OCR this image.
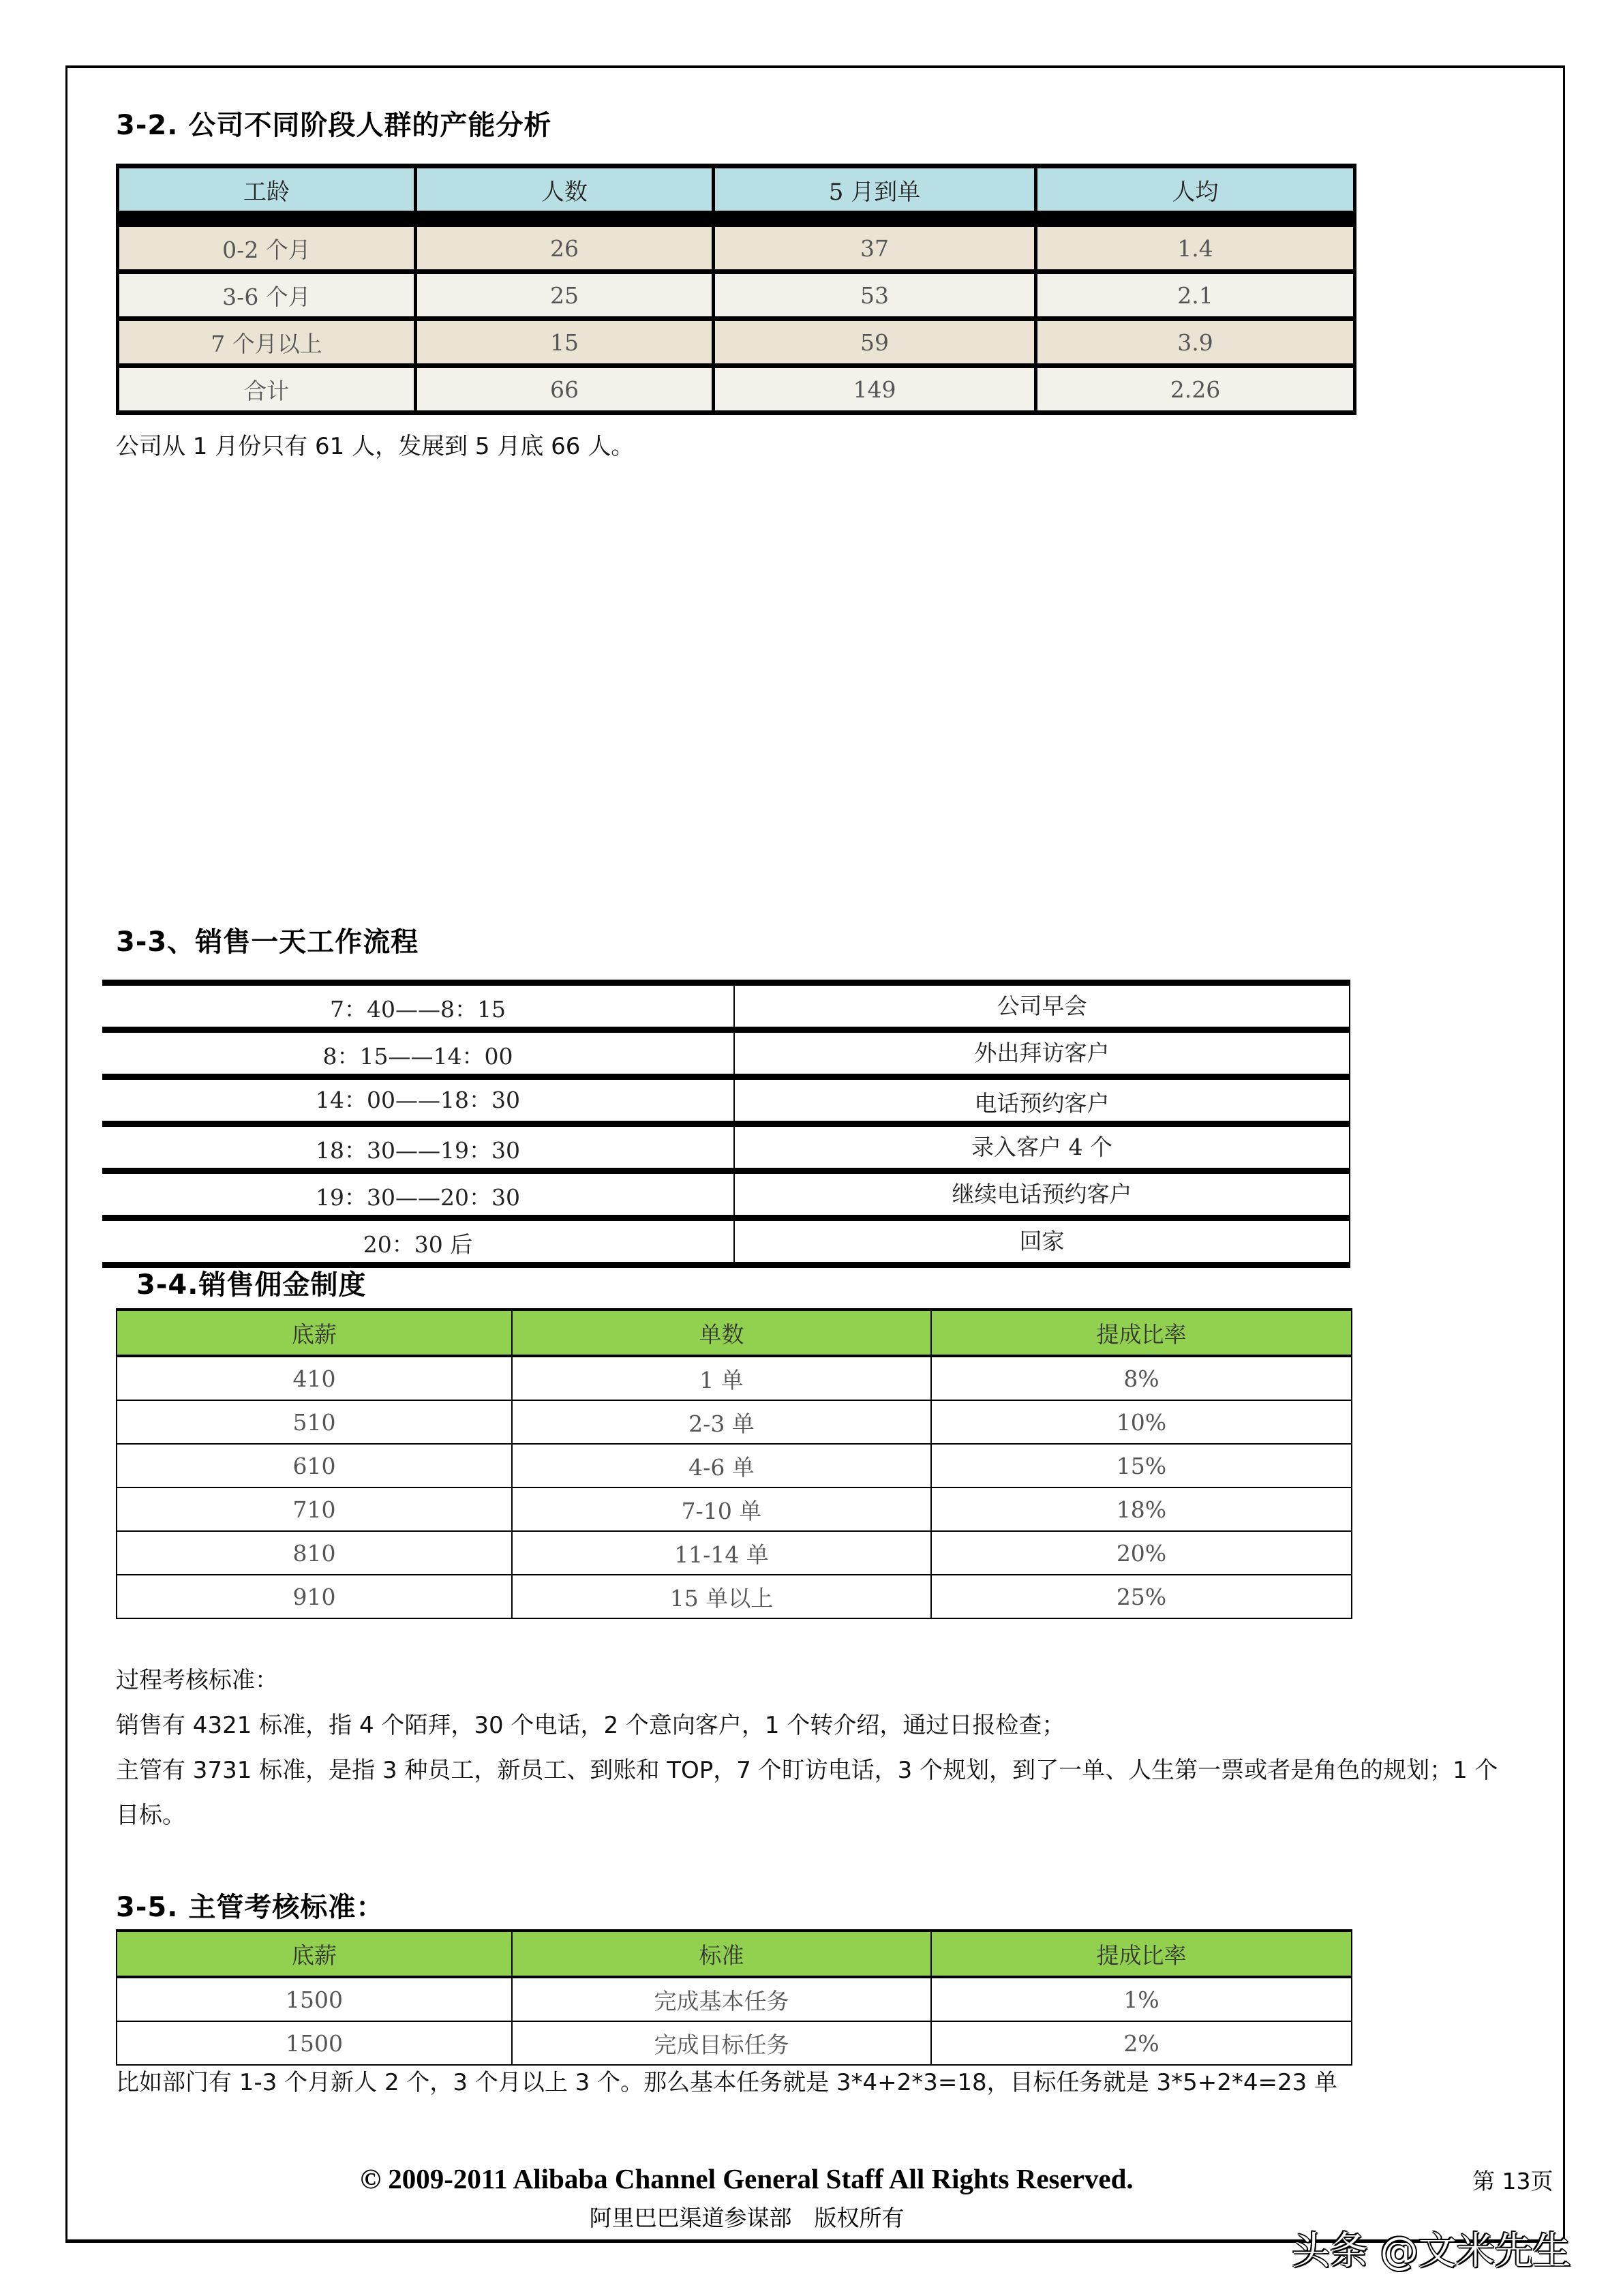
3-2. 公司不同阶段人群的产能分析
工龄	人数	5 月到单	人均

0-2 个月	26	37	1.4
3-6 个月	25	53	2.1
7 个月以上	15	59	3.9
合计	66	149	2.26
公司从 1 月份只有 61 人，发展到 5 月底 66 人。
3-3、销售一天工作流程
7：40——8：15	公司早会
8：15——14：00	外出拜访客户
14：00——18：30	电话预约客户
18：30——19：30	录入客户 4 个
19：30——20：30	继续电话预约客户
20：30 后	回家
3-4.销售佣金制度
底薪	单数	提成比率
410	1 单	8%
510	2-3 单	10%
610	4-6 单	15%
710	7-10 单	18%
810	11-14 单	20%
910	15 单以上	25%
过程考核标准：
销售有 4321 标准，指 4 个陌拜，30 个电话，2 个意向客户，1 个转介绍，通过日报检查；
主管有 3731 标准，是指 3 种员工，新员工、到账和 TOP，7 个盯访电话，3 个规划，到了一单、人生第一票或者是角色的规划；1 个
目标。
3-5. 主管考核标准：
底薪	标准	提成比率
1500	完成基本任务	1%
1500	完成目标任务	2%
比如部门有 1-3 个月新人 2 个，3 个月以上 3 个。那么基本任务就是 3*4+2*3=18，目标任务就是 3*5+2*4=23 单
© 2009-2011 Alibaba Channel General Staff All Rights Reserved.
阿里巴巴渠道参谋部　版权所有
第 13页
头条 @文米先生
